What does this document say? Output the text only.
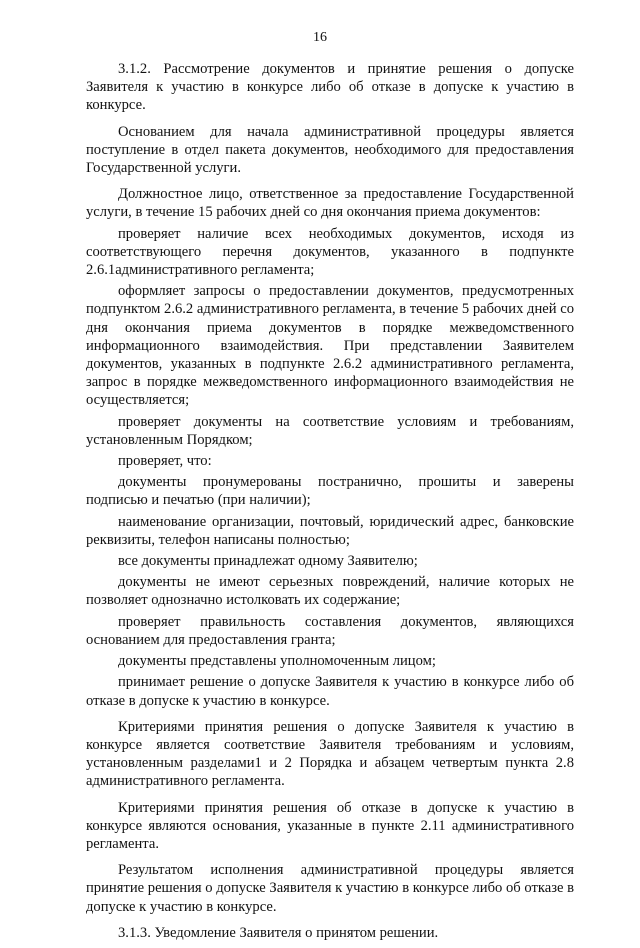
16

3.1.2. Рассмотрение документов и принятие решения о допуске Заявителя к участию в конкурсе либо об отказе в допуске к участию в конкурсе.

Основанием для начала административной процедуры является поступление в отдел пакета документов, необходимого для предоставления Государственной услуги.

Должностное лицо, ответственное за предоставление Государственной услуги, в течение 15 рабочих дней со дня окончания приема документов:

проверяет наличие всех необходимых документов, исходя из соответствующего перечня документов, указанного в подпункте 2.6.1административного регламента;

оформляет запросы о предоставлении документов, предусмотренных подпунктом 2.6.2 административного регламента, в течение 5 рабочих дней со дня окончания приема документов в порядке межведомственного информационного взаимодействия. При представлении Заявителем документов, указанных в подпункте 2.6.2 административного регламента, запрос в порядке межведомственного информационного взаимодействия не осуществляется;

проверяет документы на соответствие условиям и требованиям, установленным Порядком;

проверяет, что:

документы пронумерованы постранично, прошиты и заверены подписью и печатью (при наличии);

наименование организации, почтовый, юридический адрес, банковские реквизиты, телефон написаны полностью;

все документы принадлежат одному Заявителю;

документы не имеют серьезных повреждений, наличие которых не позволяет однозначно истолковать их содержание;

проверяет правильность составления документов, являющихся основанием для предоставления гранта;

документы представлены уполномоченным лицом;

принимает решение о допуске Заявителя к участию в конкурсе либо об отказе в допуске к участию в конкурсе.

Критериями принятия решения о допуске Заявителя к участию в конкурсе является соответствие Заявителя требованиям и условиям, установленным разделами1 и 2 Порядка и абзацем четвертым пункта 2.8 административного регламента.

Критериями принятия решения об отказе в допуске к участию в конкурсе являются основания, указанные в пункте 2.11 административного регламента.

Результатом исполнения административной процедуры является принятие решения о допуске Заявителя к участию в конкурсе либо об отказе в допуске к участию в конкурсе.

3.1.3. Уведомление Заявителя о принятом решении.
